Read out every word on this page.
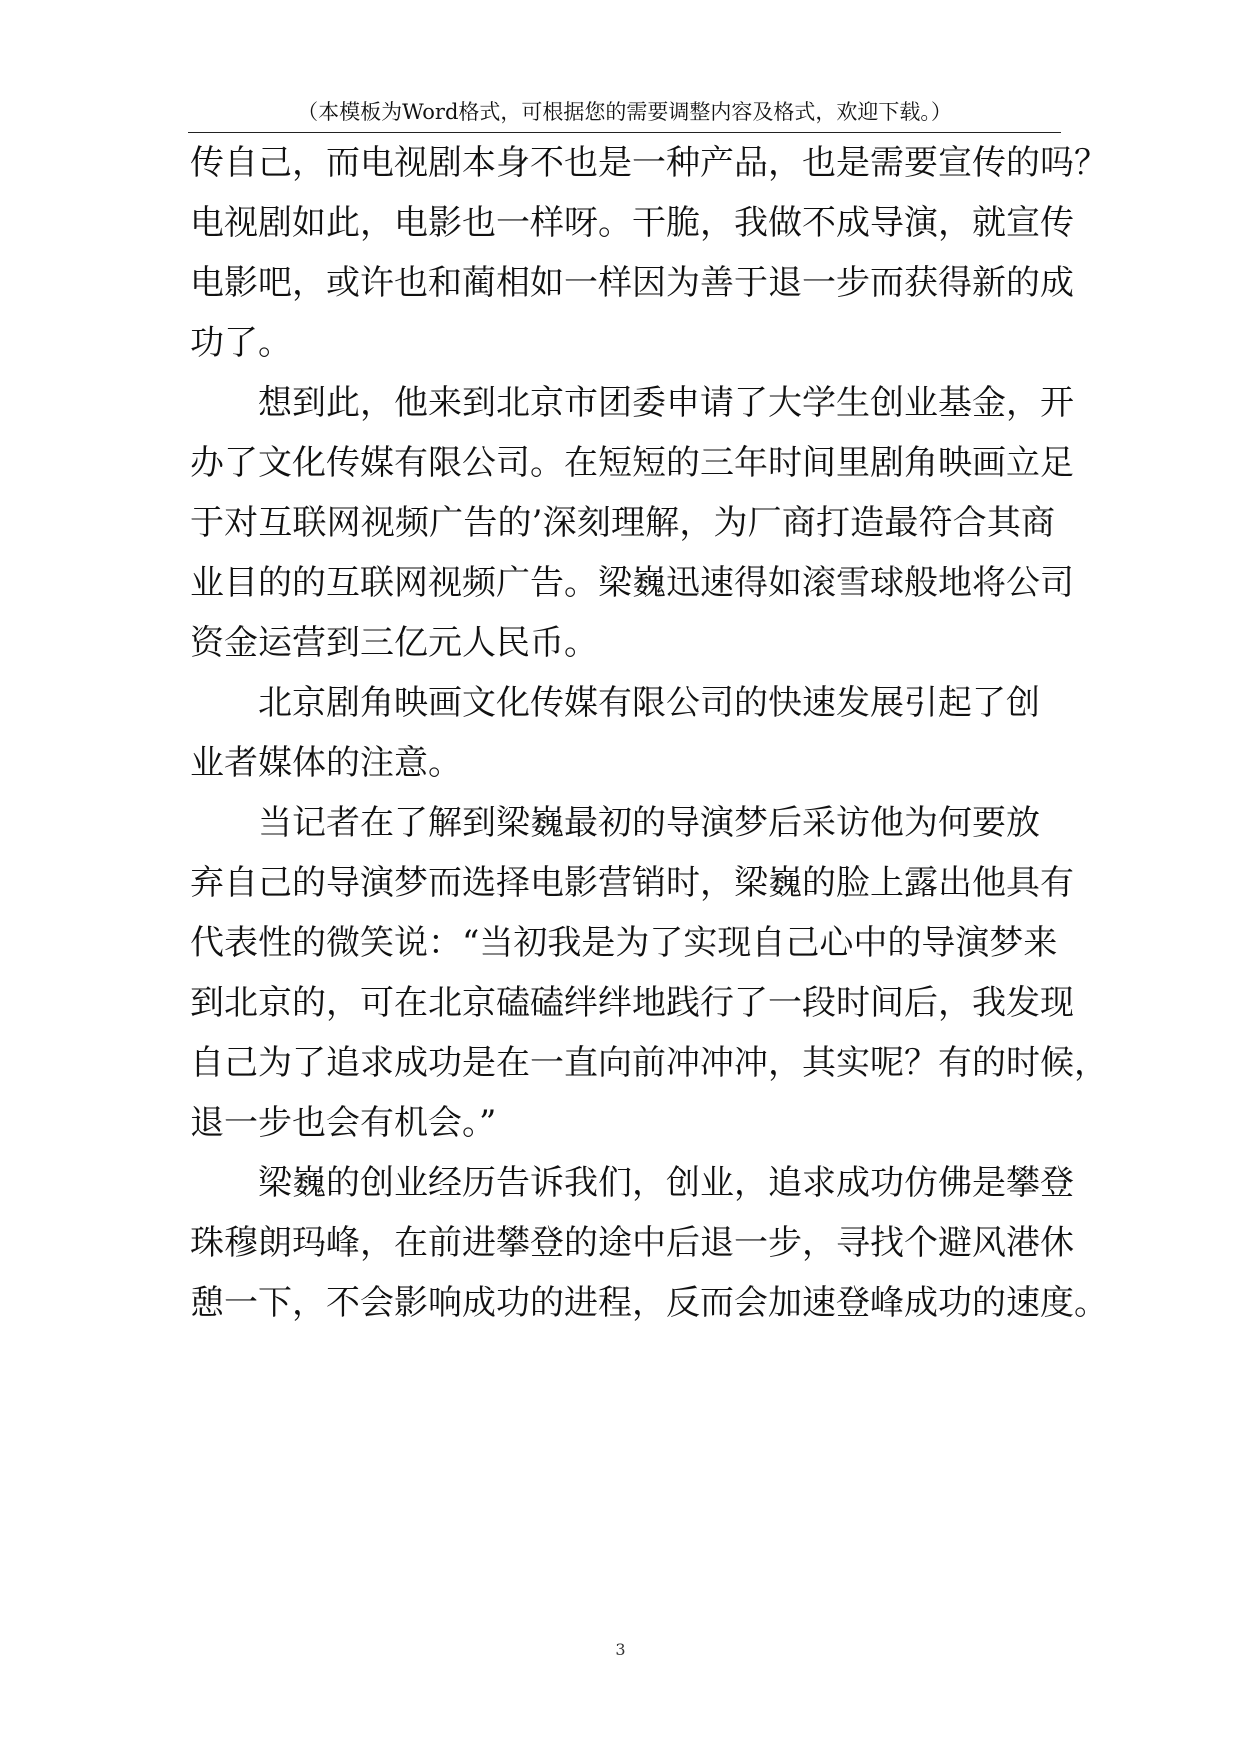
（本模板为Word格式，可根据您的需要调整内容及格式，欢迎下载。）
传自己，而电视剧本身不也是一种产品，也是需要宣传的吗？
电视剧如此，电影也一样呀。干脆，我做不成导演，就宣传
电影吧，或许也和蔺相如一样因为善于退一步而获得新的成
功了。
想到此，他来到北京市团委申请了大学生创业基金，开
办了文化传媒有限公司。在短短的三年时间里剧角映画立足
于对互联网视频广告的’深刻理解，为厂商打造最符合其商
业目的的互联网视频广告。梁巍迅速得如滚雪球般地将公司
资金运营到三亿元人民币。
北京剧角映画文化传媒有限公司的快速发展引起了创
业者媒体的注意。
当记者在了解到梁巍最初的导演梦后采访他为何要放
弃自己的导演梦而选择电影营销时，梁巍的脸上露出他具有
代表性的微笑说：“当初我是为了实现自己心中的导演梦来
到北京的，可在北京磕磕绊绊地践行了一段时间后，我发现
自己为了追求成功是在一直向前冲冲冲，其实呢？有的时候，
退一步也会有机会。”
梁巍的创业经历告诉我们，创业，追求成功仿佛是攀登
珠穆朗玛峰，在前进攀登的途中后退一步，寻找个避风港休
憩一下，不会影响成功的进程，反而会加速登峰成功的速度。
3
